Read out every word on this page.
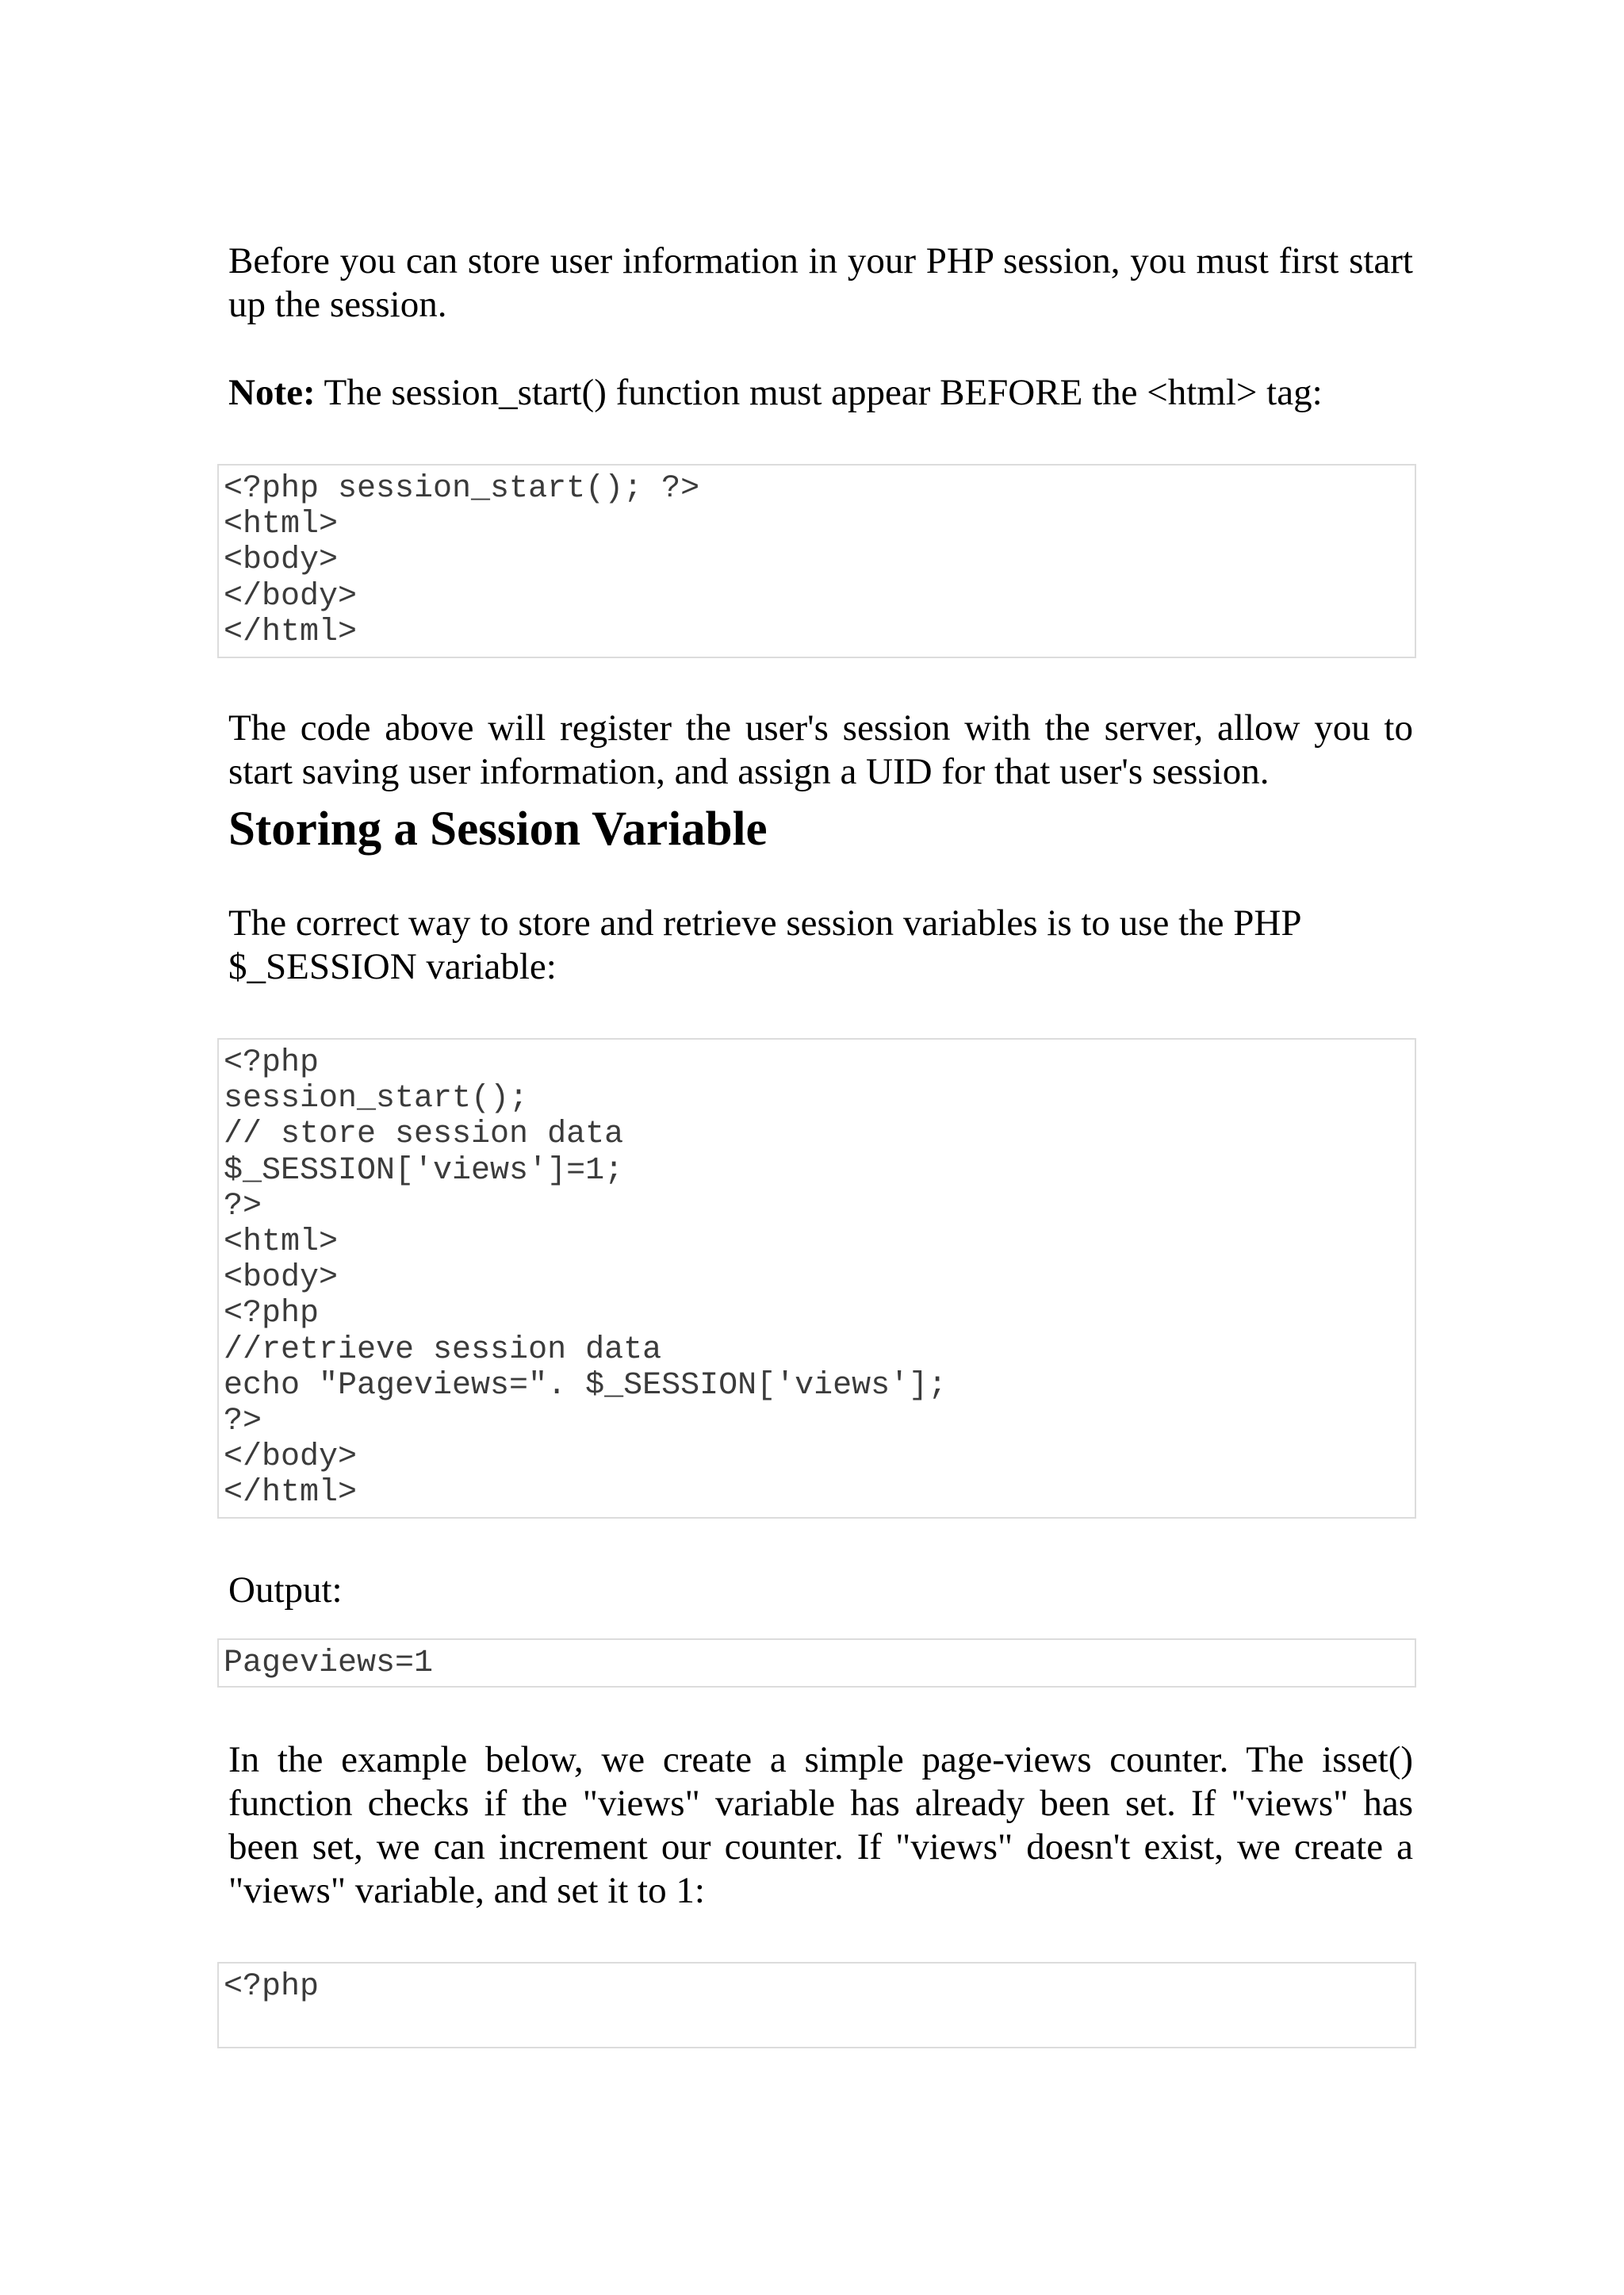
Before you can store user information in your PHP session, you must first start up the session.

Note: The session_start() function must appear BEFORE the <html> tag:

<?php session_start(); ?>
<html>
<body>
</body>
</html>

The code above will register the user's session with the server, allow you to start saving user information, and assign a UID for that user's session.

Storing a Session Variable

The correct way to store and retrieve session variables is to use the PHP $_SESSION variable:

<?php
session_start();
// store session data
$_SESSION['views']=1;
?>
<html>
<body>
<?php
//retrieve session data
echo "Pageviews=". $_SESSION['views'];
?>
</body>
</html>

Output:

Pageviews=1

In the example below, we create a simple page-views counter. The isset() function checks if the "views" variable has already been set. If "views" has been set, we can increment our counter. If "views" doesn't exist, we create a "views" variable, and set it to 1:

<?php
